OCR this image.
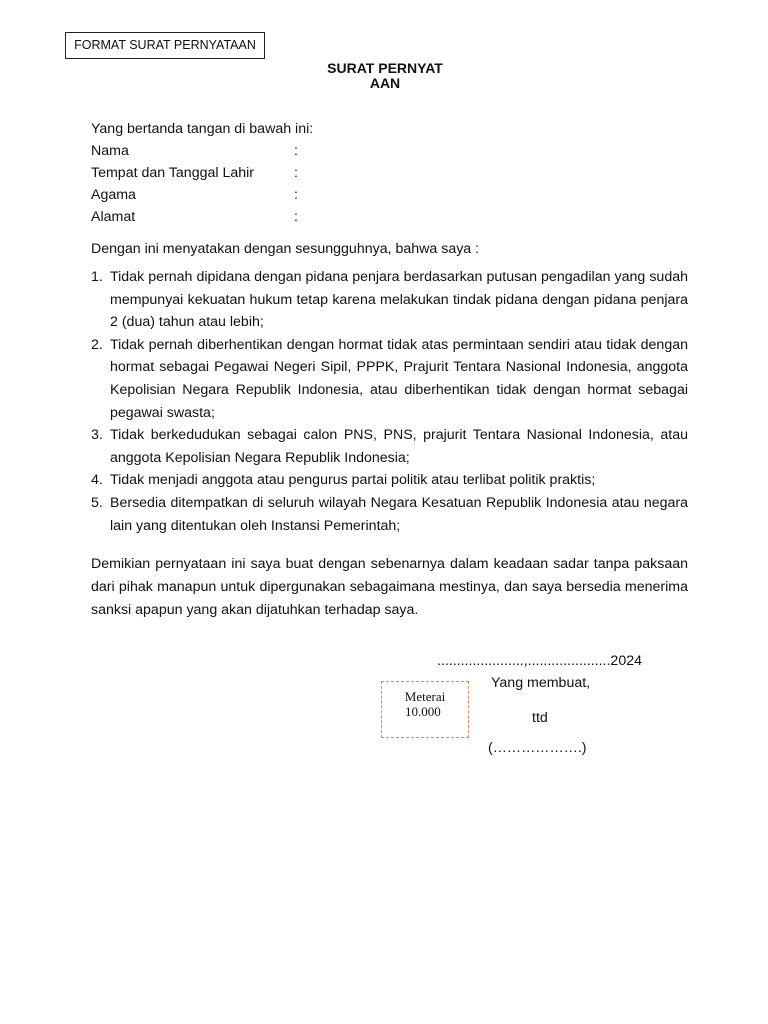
FORMAT SURAT PERNYATAAN
SURAT PERNYAT
AAN
Yang bertanda tangan di bawah ini:
Nama	:
Tempat dan Tanggal Lahir	:
Agama	:
Alamat	:
Dengan ini menyatakan dengan sesungguhnya, bahwa saya :
1. Tidak pernah dipidana dengan pidana penjara berdasarkan putusan pengadilan yang sudah mempunyai kekuatan hukum tetap karena melakukan tindak pidana dengan pidana penjara 2 (dua) tahun atau lebih;
2. Tidak pernah diberhentikan dengan hormat tidak atas permintaan sendiri atau tidak dengan hormat sebagai Pegawai Negeri Sipil, PPPK, Prajurit Tentara Nasional Indonesia, anggota Kepolisian Negara Republik Indonesia, atau diberhentikan tidak dengan hormat sebagai pegawai swasta;
3. Tidak berkedudukan sebagai calon PNS, PNS, prajurit Tentara Nasional Indonesia, atau anggota Kepolisian Negara Republik Indonesia;
4. Tidak menjadi anggota atau pengurus partai politik atau terlibat politik praktis;
5. Bersedia ditempatkan di seluruh wilayah Negara Kesatuan Republik Indonesia atau negara lain yang ditentukan oleh Instansi Pemerintah;
Demikian pernyataan ini saya buat dengan sebenarnya dalam keadaan sadar tanpa paksaan dari pihak manapun untuk dipergunakan sebagaimana mestinya, dan saya bersedia menerima sanksi apapun yang akan dijatuhkan terhadap saya.
......................,.....................2024
Yang membuat,
Meterai
10.000	ttd
(……………….)
